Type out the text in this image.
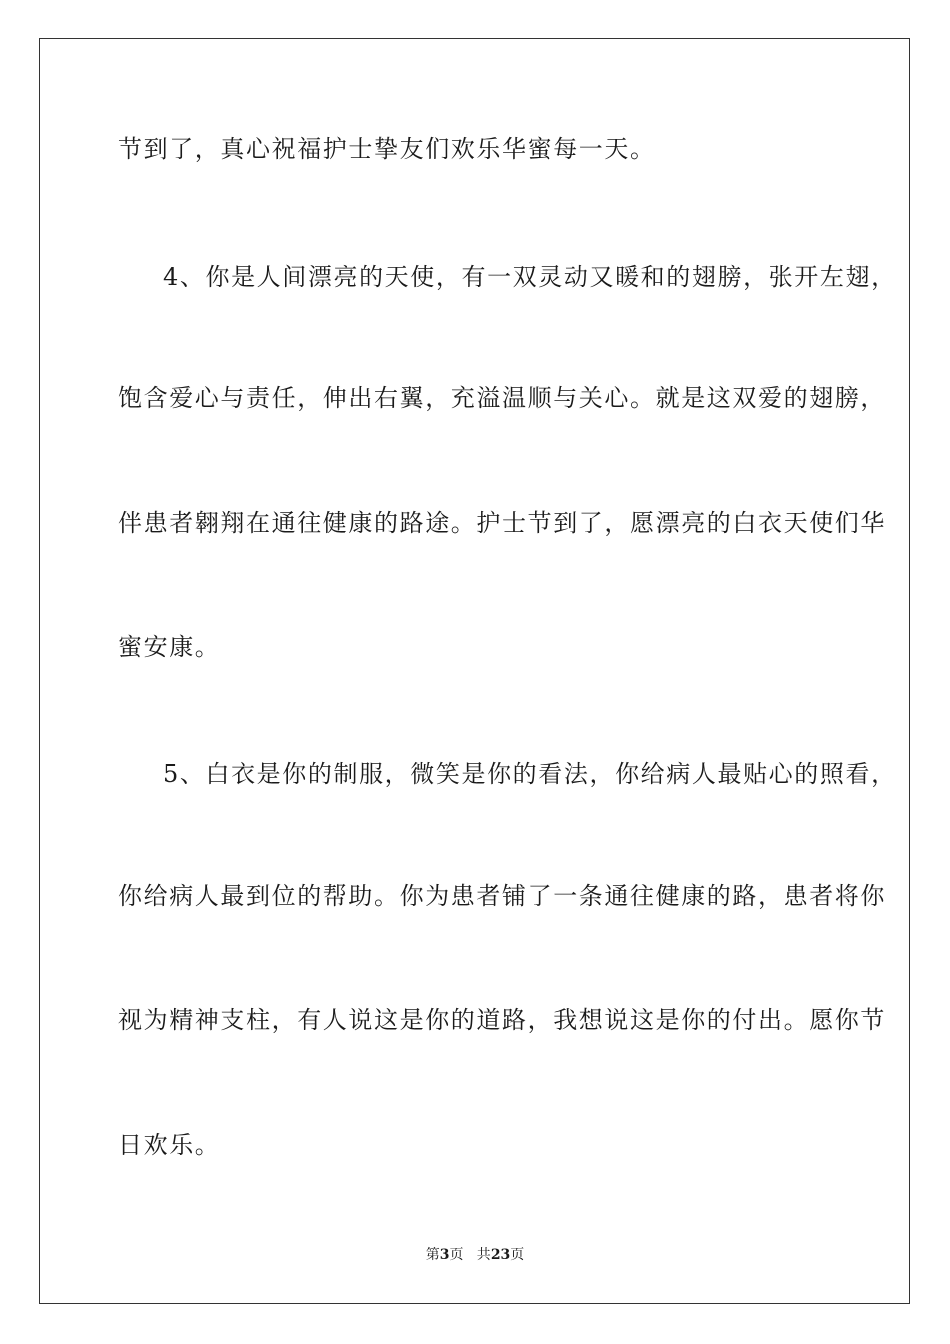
节到了，真心祝福护士挚友们欢乐华蜜每一天。
4、你是人间漂亮的天使，有一双灵动又暖和的翅膀，张开左翅，
饱含爱心与责任，伸出右翼，充溢温顺与关心。就是这双爱的翅膀，
伴患者翱翔在通往健康的路途。护士节到了，愿漂亮的白衣天使们华
蜜安康。
5、白衣是你的制服，微笑是你的看法，你给病人最贴心的照看，
你给病人最到位的帮助。你为患者铺了一条通往健康的路，患者将你
视为精神支柱，有人说这是你的道路，我想说这是你的付出。愿你节
日欢乐。
第3页   共23页
